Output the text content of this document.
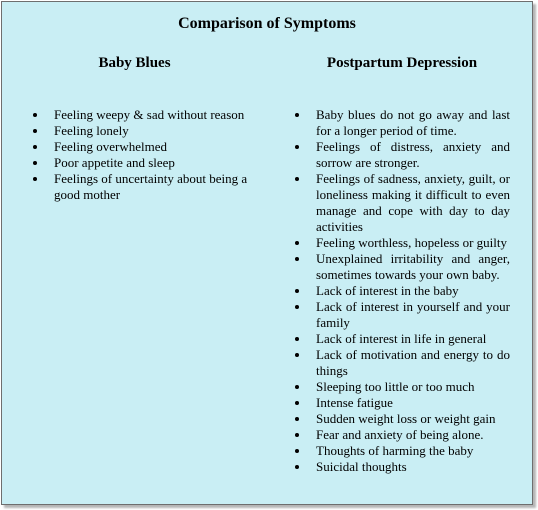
Comparison of Symptoms
Baby Blues	Postpartum Depression
Feeling weepy & sad without reason
Feeling lonely
Feeling overwhelmed
Poor appetite and sleep
Feelings of uncertainty about being a good mother
Baby blues do not go away and last for a longer period of time.
Feelings of distress, anxiety and sorrow are stronger.
Feelings of sadness, anxiety, guilt, or loneliness making it difficult to even manage and cope with day to day activities
Feeling worthless, hopeless or guilty
Unexplained irritability and anger, sometimes towards your own baby.
Lack of interest in the baby
Lack of interest in yourself and your family
Lack of interest in life in general
Lack of motivation and energy to do things
Sleeping too little or too much
Intense fatigue
Sudden weight loss or weight gain
Fear and anxiety of being alone.
Thoughts of harming the baby
Suicidal thoughts
